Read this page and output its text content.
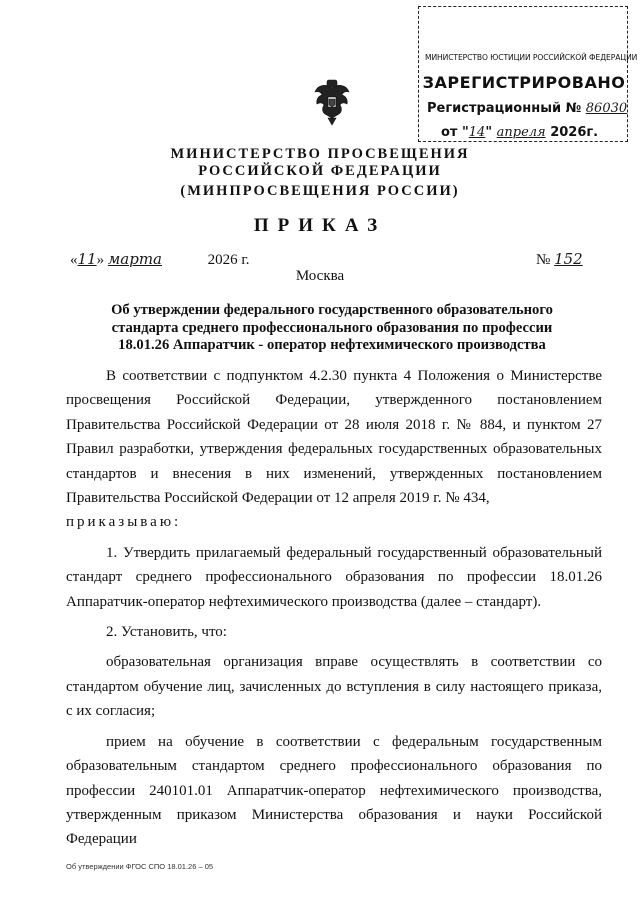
МИНИСТЕРСТВО ЮСТИЦИИ РОССИЙСКОЙ ФЕДЕРАЦИИ
ЗАРЕГИСТРИРОВАНО
Регистрационный № 86030
от "14" апреля 2026г.
МИНИСТЕРСТВО ПРОСВЕЩЕНИЯ
РОССИЙСКОЙ ФЕДЕРАЦИИ
(МИНПРОСВЕЩЕНИЯ РОССИИ)
ПРИКАЗ
«11» марта	2026 г.	№ 152
Москва
Об утверждении федерального государственного образовательного стандарта среднего профессионального образования по профессии 18.01.26 Аппаратчик - оператор нефтехимического производства

В соответствии с подпунктом 4.2.30 пункта 4 Положения о Министерстве просвещения Российской Федерации, утвержденного постановлением Правительства Российской Федерации от 28 июля 2018 г. № 884, и пунктом 27 Правил разработки, утверждения федеральных государственных образовательных стандартов и внесения в них изменений, утвержденных постановлением Правительства Российской Федерации от 12 апреля 2019 г. № 434,
приказываю:

1. Утвердить прилагаемый федеральный государственный образовательный стандарт среднего профессионального образования по профессии 18.01.26 Аппаратчик-оператор нефтехимического производства (далее – стандарт).

2. Установить, что:

образовательная организация вправе осуществлять в соответствии со стандартом обучение лиц, зачисленных до вступления в силу настоящего приказа, с их согласия;

прием на обучение в соответствии с федеральным государственным образовательным стандартом среднего профессионального образования по профессии 240101.01 Аппаратчик-оператор нефтехимического производства, утвержденным приказом Министерства образования и науки Российской Федерации

Об утверждении ФГОС СПО 18.01.26 – 05
